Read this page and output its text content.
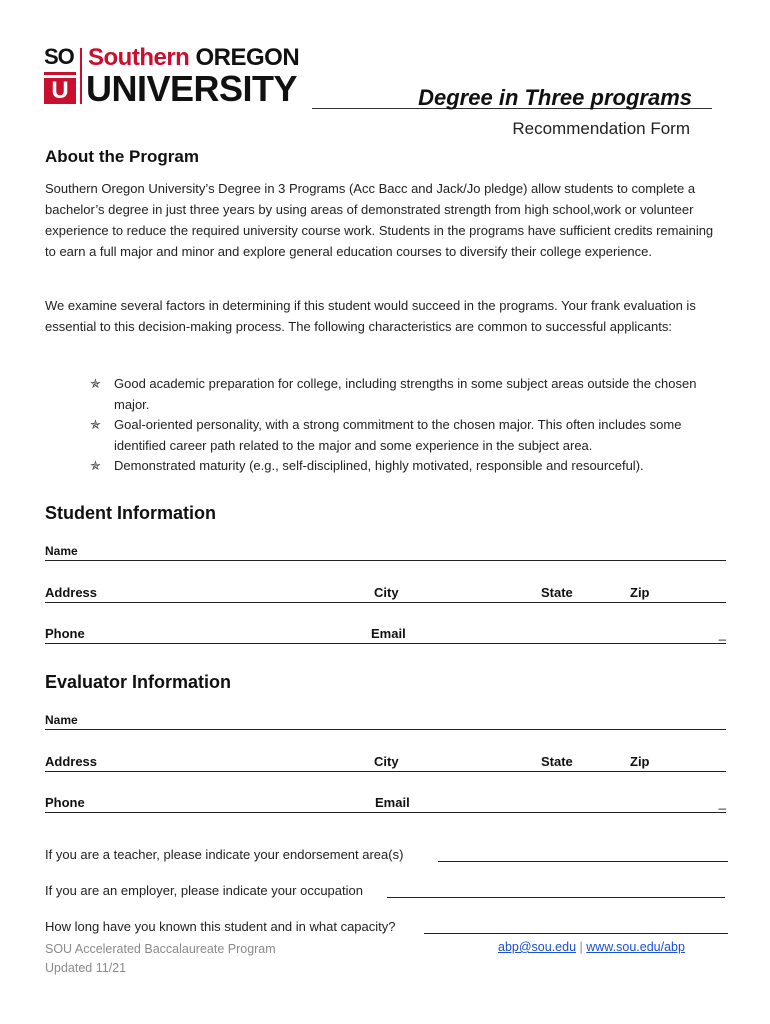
SO
U
Southern OREGON
UNIVERSITY	Degree in Three programs
Recommendation Form
About the Program

Southern Oregon University’s Degree in 3 Programs (Acc Bacc and Jack/Jo pledge) allow students to complete a bachelor’s degree in just three years by using areas of demonstrated strength from high school,work or volunteer experience to reduce the required university course work. Students in the programs have sufficient credits remaining to earn a full major and minor and explore general education courses to diversify their college experience.

We examine several factors in determining if this student would succeed in the programs. Your frank evaluation is essential to this decision-making process. The following characteristics are common to successful applicants:

✯ Good academic preparation for college, including strengths in some subject areas outside the chosen major.
✯ Goal-oriented personality, with a strong commitment to the chosen major. This often includes some identified career path related to the major and some experience in the subject area.
✯ Demonstrated maturity (e.g., self-disciplined, highly motivated, responsible and resourceful).
Student Information
Name
Address	City	State	Zip
Phone	Email	_
Evaluator Information
Name
Address	City	State	Zip
Phone	Email	_
If you are a teacher, please indicate your endorsement area(s)
If you are an employer, please indicate your occupation
How long have you known this student and in what capacity?
SOU Accelerated Baccalaureate Program
Updated 11/21
abp@sou.edu | www.sou.edu/abp
